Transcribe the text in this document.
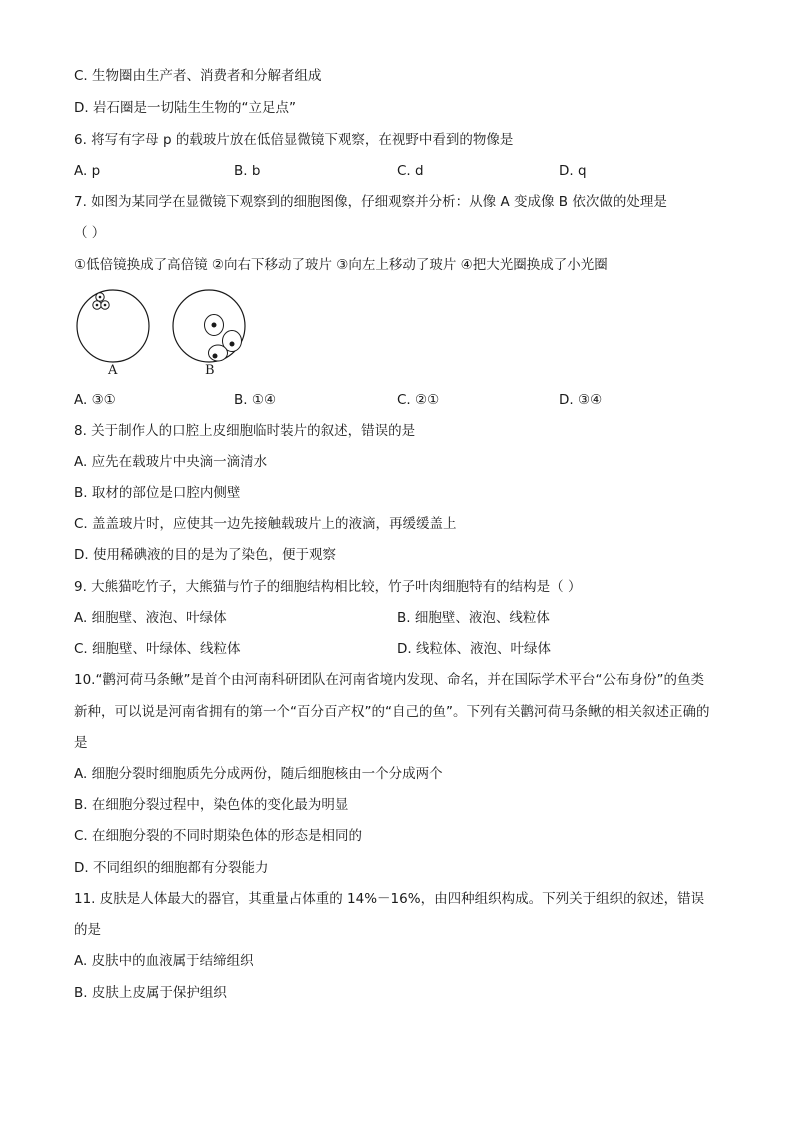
C. 生物圈由生产者、消费者和分解者组成
D. 岩石圈是一切陆生生物的“立足点”
6. 将写有字母 p 的载玻片放在低倍显微镜下观察，在视野中看到的物像是
A. p	B. b	C. d	D. q
7. 如图为某同学在显微镜下观察到的细胞图像，仔细观察并分析：从像 A 变成像 B 依次做的处理是
（ ）
①低倍镜换成了高倍镜 ②向右下移动了玻片 ③向左上移动了玻片 ④把大光圈换成了小光圈
A	B
A. ③①	B. ①④	C. ②①	D. ③④
8. 关于制作人的口腔上皮细胞临时装片的叙述，错误的是
A. 应先在载玻片中央滴一滴清水
B. 取材的部位是口腔内侧壁
C. 盖盖玻片时，应使其一边先接触载玻片上的液滴，再缓缓盖上
D. 使用稀碘液的目的是为了染色，便于观察
9. 大熊猫吃竹子，大熊猫与竹子的细胞结构相比较，竹子叶肉细胞特有的结构是（ ）
A. 细胞壁、液泡、叶绿体	B. 细胞壁、液泡、线粒体
C. 细胞壁、叶绿体、线粒体	D. 线粒体、液泡、叶绿体
10.“鹳河荷马条鳅”是首个由河南科研团队在河南省境内发现、命名，并在国际学术平台“公布身份”的鱼类
新种，可以说是河南省拥有的第一个“百分百产权”的“自己的鱼”。下列有关鹳河荷马条鳅的相关叙述正确的
是
A. 细胞分裂时细胞质先分成两份，随后细胞核由一个分成两个
B. 在细胞分裂过程中，染色体的变化最为明显
C. 在细胞分裂的不同时期染色体的形态是相同的
D. 不同组织的细胞都有分裂能力
11. 皮肤是人体最大的器官，其重量占体重的 14%－16%，由四种组织构成。下列关于组织的叙述，错误
的是
A. 皮肤中的血液属于结缔组织
B. 皮肤上皮属于保护组织
